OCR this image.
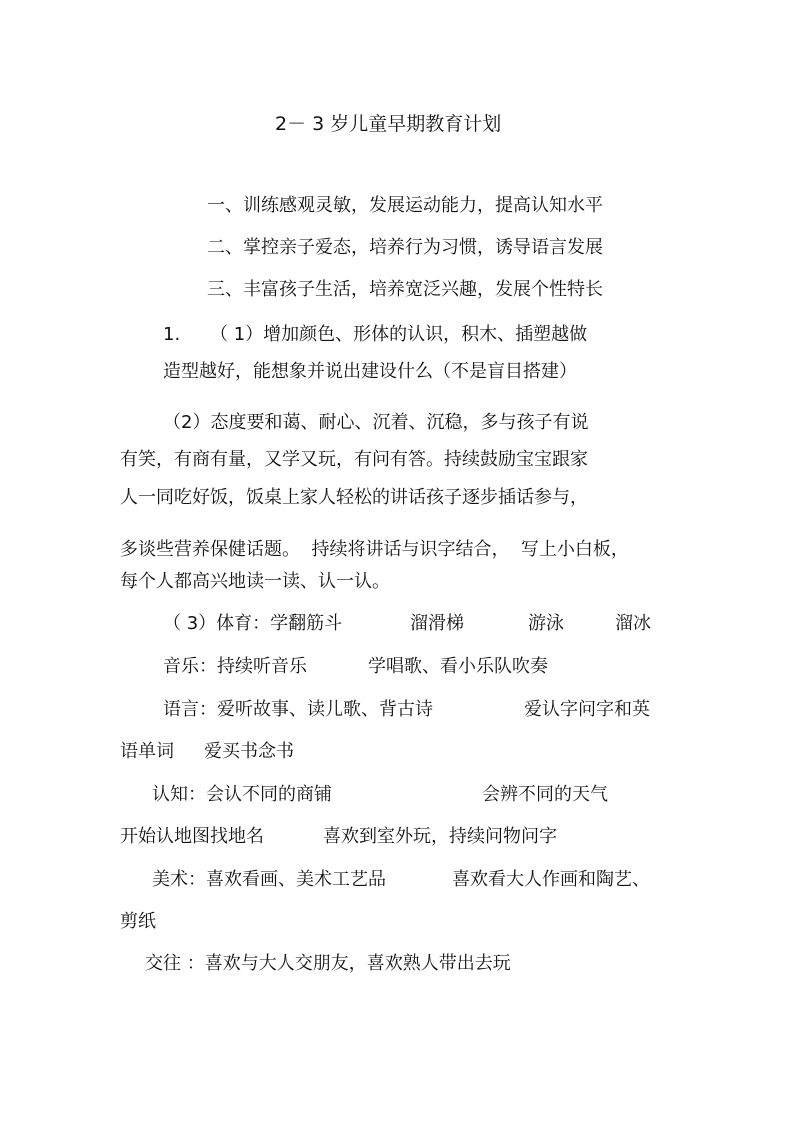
2－ 3 岁儿童早期教育计划
一、训练感观灵敏，发展运动能力，提高认知水平
二、掌控亲子爱态，培养行为习惯，诱导语言发展
三、丰富孩子生活，培养宽泛兴趣，发展个性特长
1. （ 1）增加颜色、形体的认识，积木、插塑越做
造型越好，能想象并说出建设什么（不是盲目搭建）
（2）态度要和蔼、耐心、沉着、沉稳，多与孩子有说
有笑，有商有量，又学又玩，有问有答。持续鼓励宝宝跟家
人一同吃好饭，饭桌上家人轻松的讲话孩子逐步插话参与，
多谈些营养保健话题。  持续将讲话与识字结合，  写上小白板，
每个人都高兴地读一读、认一认。
（ 3）体育：学翻筋斗	溜滑梯	游泳	溜冰
音乐：持续听音乐	学唱歌、看小乐队吹奏
语言：爱听故事、读儿歌、背古诗	爱认字问字和英
语单词 爱买书念书
认知：会认不同的商铺	会辨不同的天气
开始认地图找地名	喜欢到室外玩，持续问物问字
美术：喜欢看画、美术工艺品	喜欢看大人作画和陶艺、
剪纸
交往 ：喜欢与大人交朋友，喜欢熟人带出去玩
